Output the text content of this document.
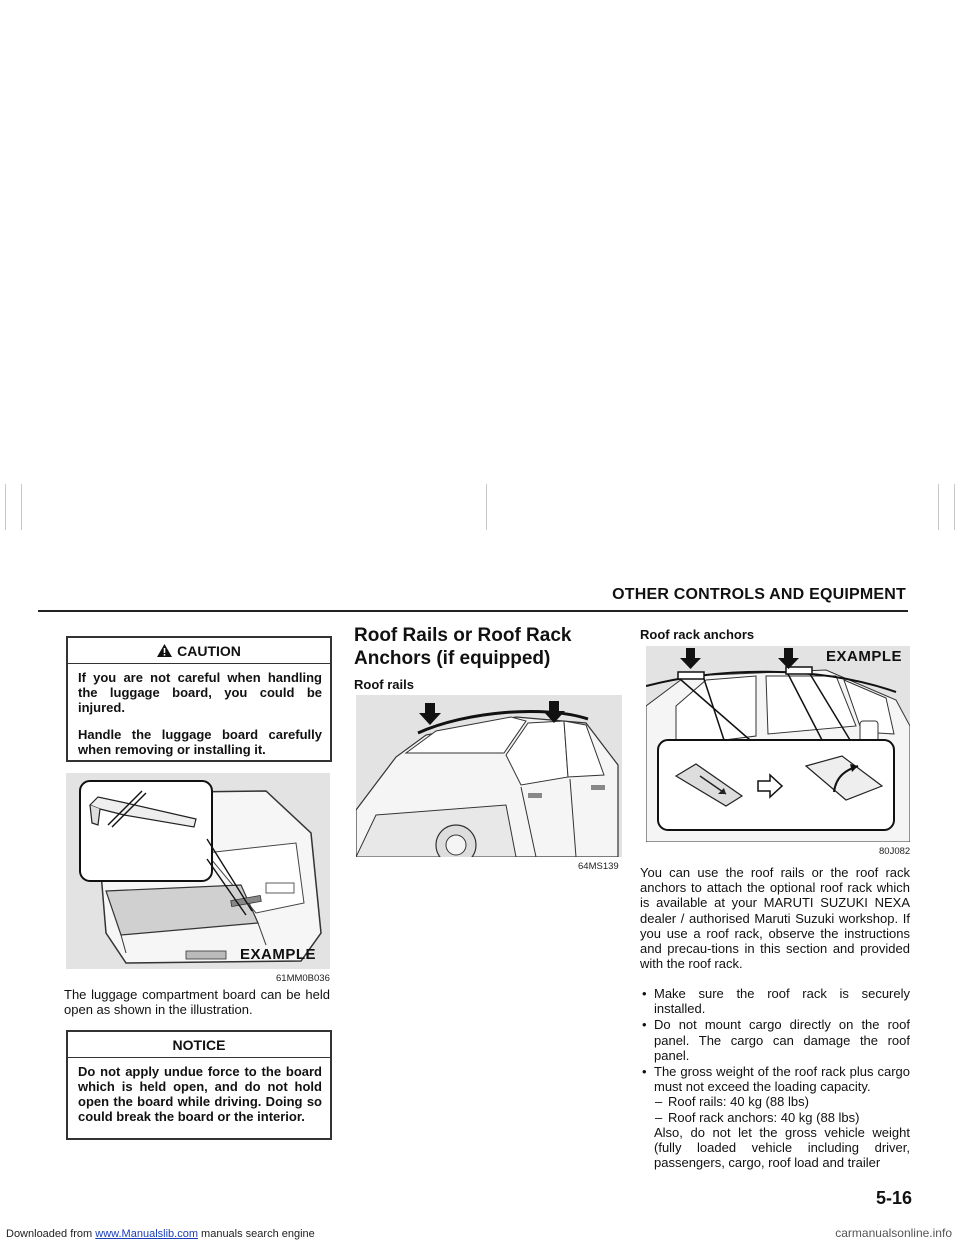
OTHER CONTROLS AND EQUIPMENT
CAUTION

If you are not careful when handling the luggage board, you could be injured.

Handle the luggage board carefully when removing or installing it.

EXAMPLE
61MM0B036
The luggage compartment board can be held open as shown in the illustration.
NOTICE

Do not apply undue force to the board which is held open, and do not hold open the board while driving. Doing so could break the board or the interior.

Roof Rails or Roof Rack
Anchors (if equipped)
Roof rails
64MS139
Roof rack anchors
EXAMPLE
80J082
You can use the roof rails or the roof rack anchors to attach the optional roof rack which is available at your MARUTI SUZUKI NEXA dealer / authorised Maruti Suzuki workshop. If you use a roof rack, observe the instructions and precau-tions in this section and provided with the roof rack.
• Make sure the roof rack is securely installed.
• Do not mount cargo directly on the roof panel. The cargo can damage the roof panel.
• The gross weight of the roof rack plus cargo must not exceed the loading capacity.
– Roof rails: 40 kg (88 lbs)
– Roof rack anchors: 40 kg (88 lbs)
Also, do not let the gross vehicle weight (fully loaded vehicle including driver, passengers, cargo, roof load and trailer
5-16
Downloaded from www.Manualslib.com manuals search engine	carmanualsonline.info
